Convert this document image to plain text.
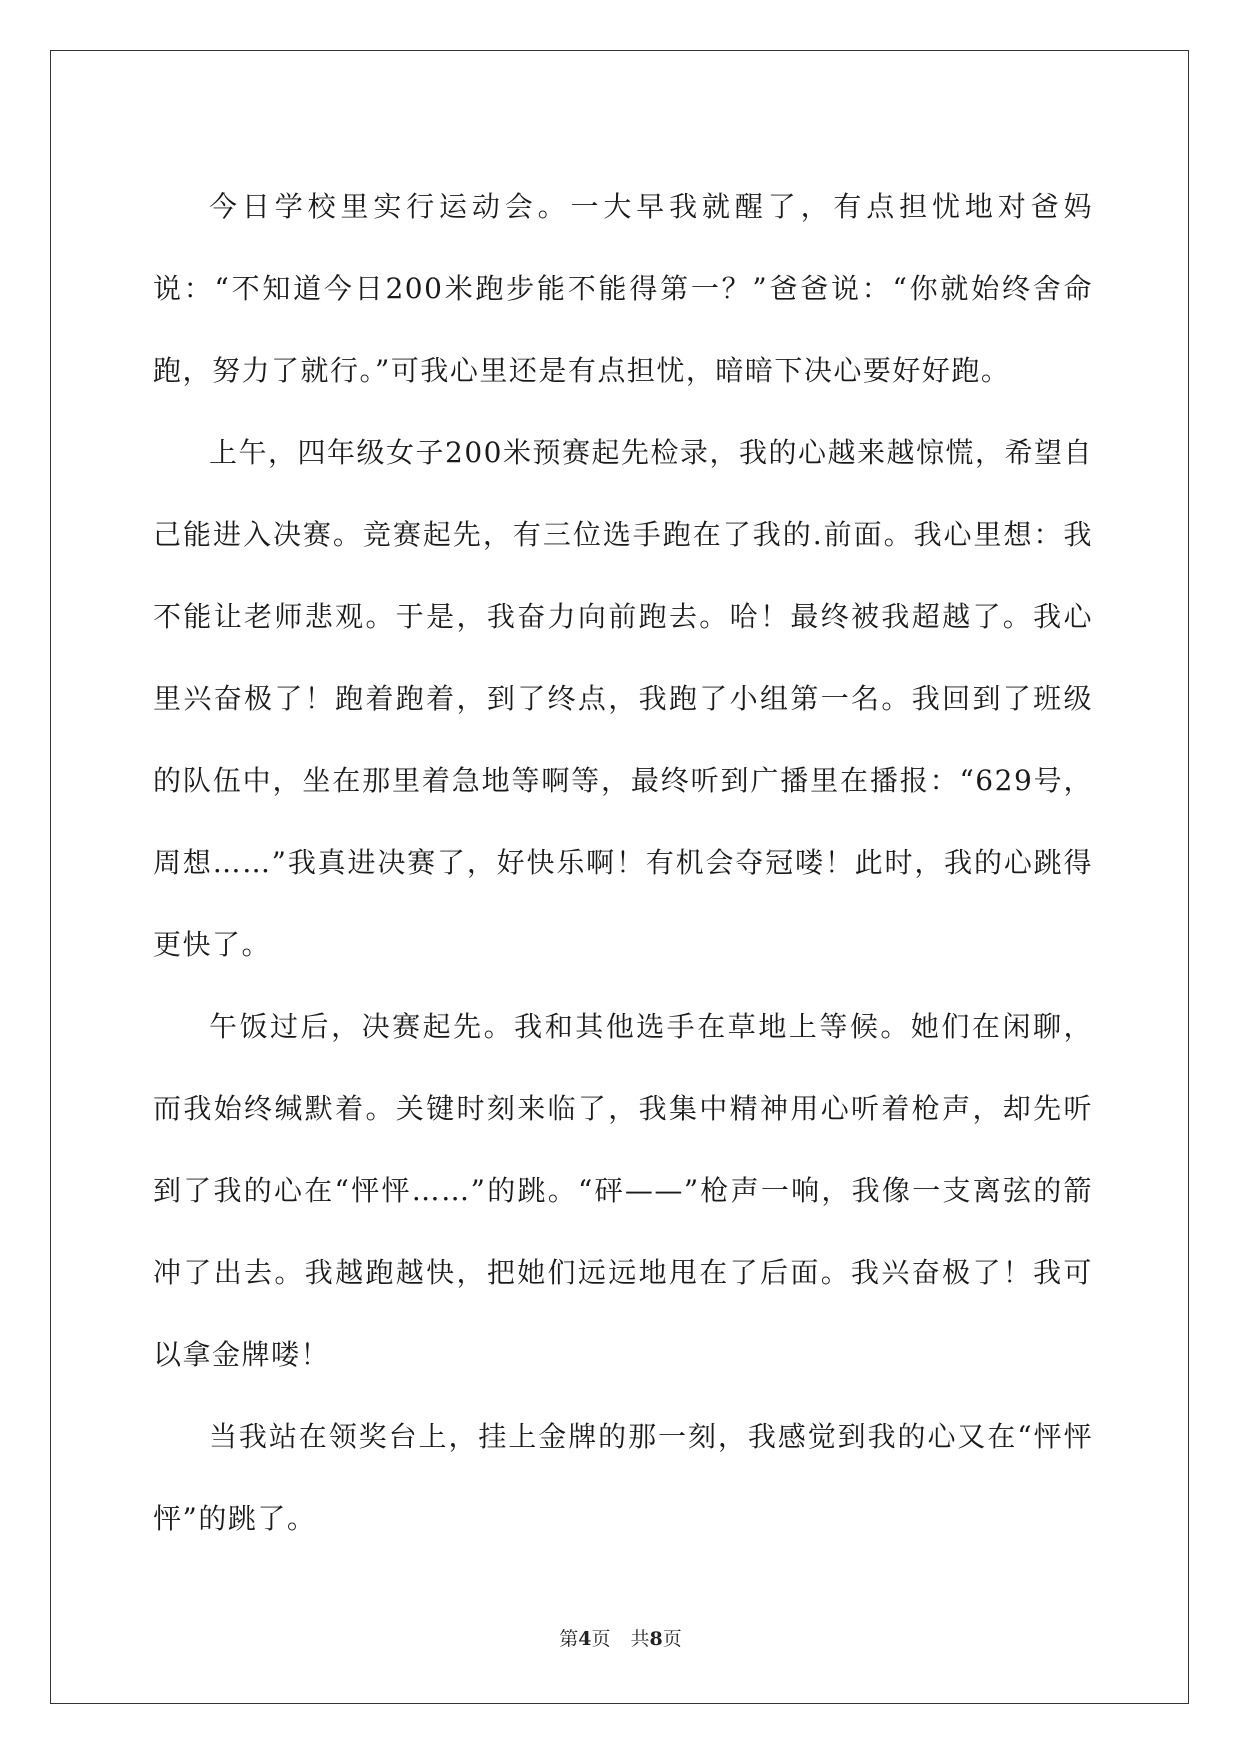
今日学校里实行运动会。一大早我就醒了，有点担忧地对爸妈说：“不知道今日200米跑步能不能得第一？”爸爸说：“你就始终舍命跑，努力了就行。”可我心里还是有点担忧，暗暗下决心要好好跑。

上午，四年级女子200米预赛起先检录，我的心越来越惊慌，希望自己能进入决赛。竞赛起先，有三位选手跑在了我的.前面。我心里想：我不能让老师悲观。于是，我奋力向前跑去。哈！最终被我超越了。我心里兴奋极了！跑着跑着，到了终点，我跑了小组第一名。我回到了班级的队伍中，坐在那里着急地等啊等，最终听到广播里在播报：“629号，周想……”我真进决赛了，好快乐啊！有机会夺冠喽！此时，我的心跳得更快了。

午饭过后，决赛起先。我和其他选手在草地上等候。她们在闲聊，而我始终缄默着。关键时刻来临了，我集中精神用心听着枪声，却先听到了我的心在“怦怦……”的跳。“砰——”枪声一响，我像一支离弦的箭冲了出去。我越跑越快，把她们远远地甩在了后面。我兴奋极了！我可以拿金牌喽！

当我站在领奖台上，挂上金牌的那一刻，我感觉到我的心又在“怦怦怦”的跳了。

第4页 共8页
